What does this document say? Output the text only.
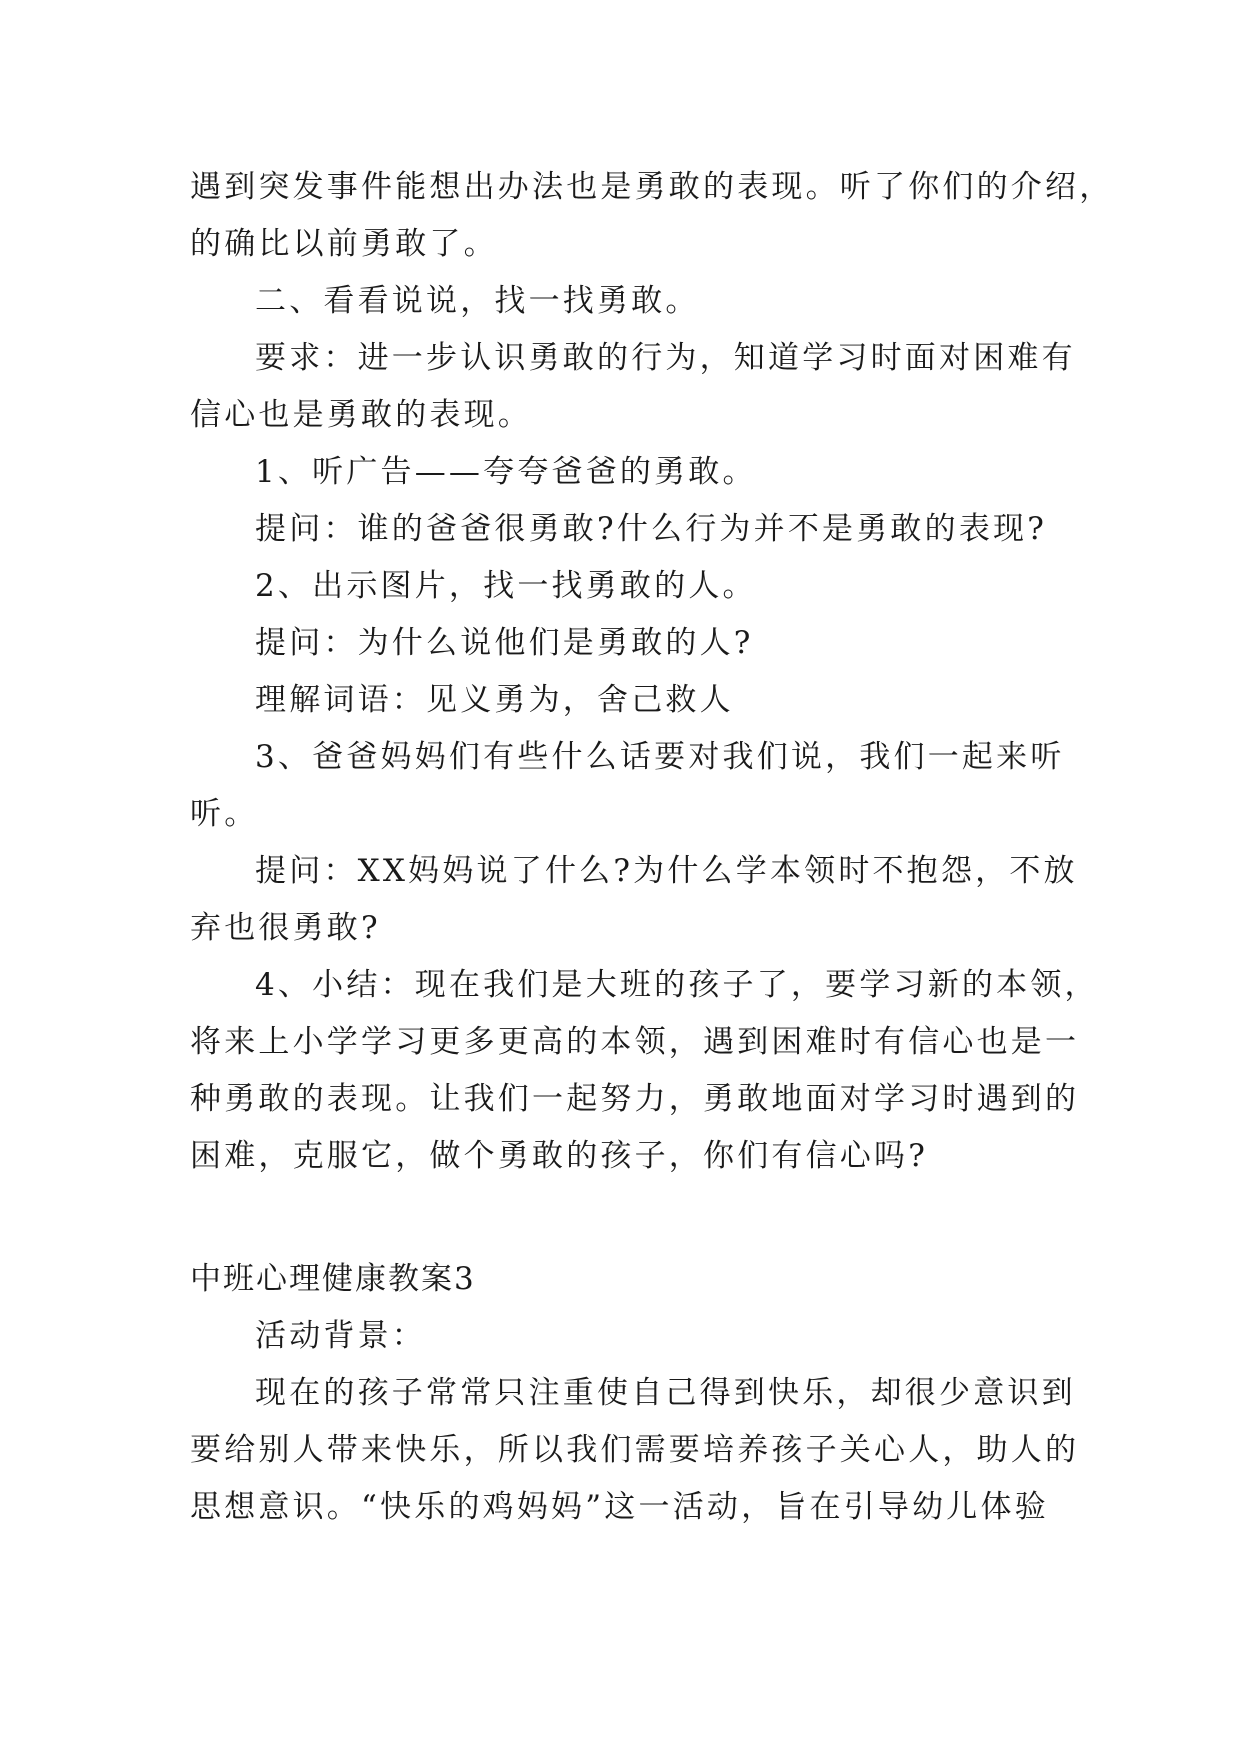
遇到突发事件能想出办法也是勇敢的表现。听了你们的介绍，
的确比以前勇敢了。
二、看看说说，找一找勇敢。
要求：进一步认识勇敢的行为，知道学习时面对困难有
信心也是勇敢的表现。
1、听广告——夸夸爸爸的勇敢。
提问：谁的爸爸很勇敢?什么行为并不是勇敢的表现?
2、出示图片，找一找勇敢的人。
提问：为什么说他们是勇敢的人?
理解词语：见义勇为，舍己救人
3、爸爸妈妈们有些什么话要对我们说，我们一起来听
听。
提问：XX妈妈说了什么?为什么学本领时不抱怨，不放
弃也很勇敢?
4、小结：现在我们是大班的孩子了，要学习新的本领，
将来上小学学习更多更高的本领，遇到困难时有信心也是一
种勇敢的表现。让我们一起努力，勇敢地面对学习时遇到的
困难，克服它，做个勇敢的孩子，你们有信心吗?
中班心理健康教案3
活动背景：
现在的孩子常常只注重使自己得到快乐，却很少意识到
要给别人带来快乐，所以我们需要培养孩子关心人，助人的
思想意识。“快乐的鸡妈妈”这一活动，旨在引导幼儿体验
